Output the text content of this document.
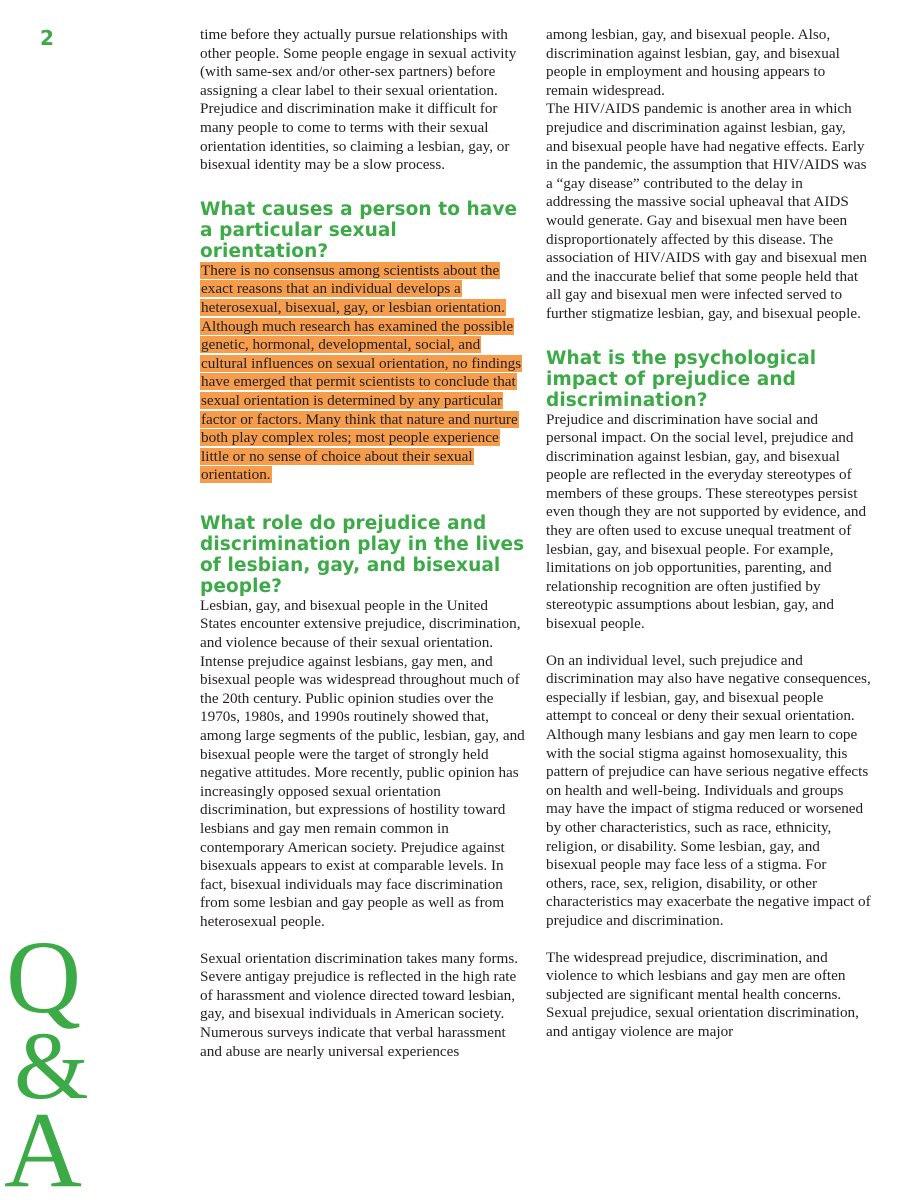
2
Q
&
A

time before they actually pursue relationships with other people. Some people engage in sexual activity (with same-sex and/or other-sex partners) before assigning a clear label to their sexual orientation. Prejudice and discrimination make it difficult for many people to come to terms with their sexual orientation identities, so claiming a lesbian, gay, or bisexual identity may be a slow process.

What causes a person to have a particular sexual orientation?

There is no consensus among scientists about the exact reasons that an individual develops a heterosexual, bisexual, gay, or lesbian orientation. Although much research has examined the possible genetic, hormonal, developmental, social, and cultural influences on sexual orientation, no findings have emerged that permit scientists to conclude that sexual orientation is determined by any particular factor or factors. Many think that nature and nurture both play complex roles; most people experience little or no sense of choice about their sexual orientation.

What role do prejudice and discrimination play in the lives of lesbian, gay, and bisexual people?

Lesbian, gay, and bisexual people in the United States encounter extensive prejudice, discrimination, and violence because of their sexual orientation. Intense prejudice against lesbians, gay men, and bisexual people was widespread throughout much of the 20th century. Public opinion studies over the 1970s, 1980s, and 1990s routinely showed that, among large segments of the public, lesbian, gay, and bisexual people were the target of strongly held negative attitudes. More recently, public opinion has increasingly opposed sexual orientation discrimination, but expressions of hostility toward lesbians and gay men remain common in contemporary American society. Prejudice against bisexuals appears to exist at comparable levels. In fact, bisexual individuals may face discrimination from some lesbian and gay people as well as from heterosexual people.

Sexual orientation discrimination takes many forms. Severe antigay prejudice is reflected in the high rate of harassment and violence directed toward lesbian, gay, and bisexual individuals in American society. Numerous surveys indicate that verbal harassment and abuse are nearly universal experiences

among lesbian, gay, and bisexual people. Also, discrimination against lesbian, gay, and bisexual people in employment and housing appears to remain widespread.

The HIV/AIDS pandemic is another area in which prejudice and discrimination against lesbian, gay, and bisexual people have had negative effects. Early in the pandemic, the assumption that HIV/AIDS was a “gay disease” contributed to the delay in addressing the massive social upheaval that AIDS would generate. Gay and bisexual men have been disproportionately affected by this disease. The association of HIV/AIDS with gay and bisexual men and the inaccurate belief that some people held that all gay and bisexual men were infected served to further stigmatize lesbian, gay, and bisexual people.

What is the psychological impact of prejudice and discrimination?

Prejudice and discrimination have social and personal impact. On the social level, prejudice and discrimination against lesbian, gay, and bisexual people are reflected in the everyday stereotypes of members of these groups. These stereotypes persist even though they are not supported by evidence, and they are often used to excuse unequal treatment of lesbian, gay, and bisexual people. For example, limitations on job opportunities, parenting, and relationship recognition are often justified by stereotypic assumptions about lesbian, gay, and bisexual people.

On an individual level, such prejudice and discrimination may also have negative consequences, especially if lesbian, gay, and bisexual people attempt to conceal or deny their sexual orientation. Although many lesbians and gay men learn to cope with the social stigma against homosexuality, this pattern of prejudice can have serious negative effects on health and well-being. Individuals and groups may have the impact of stigma reduced or worsened by other characteristics, such as race, ethnicity, religion, or disability. Some lesbian, gay, and bisexual people may face less of a stigma. For others, race, sex, religion, disability, or other characteristics may exacerbate the negative impact of prejudice and discrimination.

The widespread prejudice, discrimination, and violence to which lesbians and gay men are often subjected are significant mental health concerns. Sexual prejudice, sexual orientation discrimination, and antigay violence are major
